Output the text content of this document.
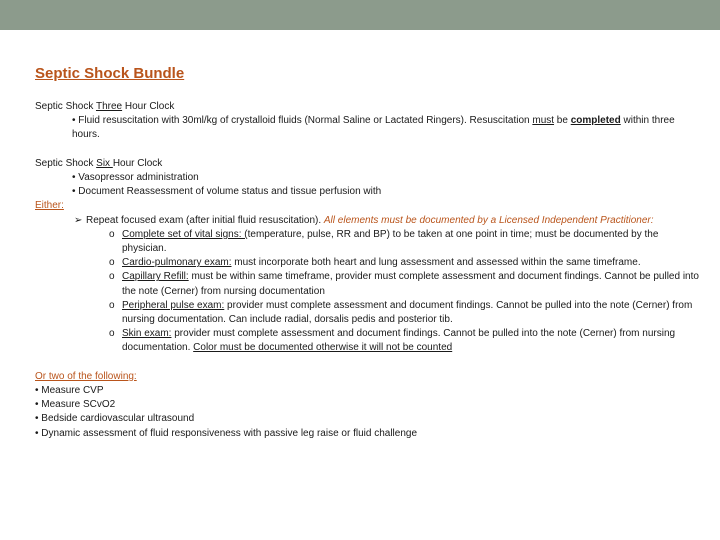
Septic Shock Bundle
Septic Shock Three Hour Clock
• Fluid resuscitation with 30ml/kg of crystalloid fluids (Normal Saline or Lactated Ringers). Resuscitation must be completed within three hours.
Septic Shock Six Hour Clock
• Vasopressor administration
• Document Reassessment of volume status and tissue perfusion with
Either:
➢ Repeat focused exam (after initial fluid resuscitation). All elements must be documented by a Licensed Independent Practitioner:
o Complete set of vital signs: (temperature, pulse, RR and BP) to be taken at one point in time; must be documented by the physician.
o Cardio-pulmonary exam: must incorporate both heart and lung assessment and assessed within the same timeframe.
o Capillary Refill: must be within same timeframe, provider must complete assessment and document findings. Cannot be pulled into the note (Cerner) from nursing documentation
o Peripheral pulse exam: provider must complete assessment and document findings. Cannot be pulled into the note (Cerner) from nursing documentation. Can include radial, dorsalis pedis and posterior tib.
o Skin exam: provider must complete assessment and document findings. Cannot be pulled into the note (Cerner) from nursing documentation. Color must be documented otherwise it will not be counted
Or two of the following:
• Measure CVP
• Measure SCvO2
• Bedside cardiovascular ultrasound
• Dynamic assessment of fluid responsiveness with passive leg raise or fluid challenge
